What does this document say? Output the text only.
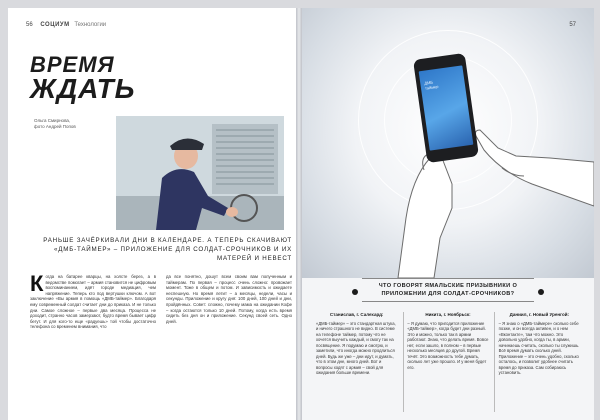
56 СОЦИУМ Технологии
ВРЕМЯ
ЖДАТЬ
Ольга Смирнова,
фото Андрей Попов
РАНЬШЕ ЗАЧЁРКИВАЛИ ДНИ В КАЛЕНДАРЕ. А ТЕПЕРЬ СКАЧИВАЮТ «ДМБ-ТАЙМЕР» – ПРИЛОЖЕНИЕ ДЛЯ СОЛДАТ-СРОЧНИКОВ И ИХ МАТЕРЕЙ И НЕВЕСТ
К огда на батарее кварцы, на холсте берез, а в ведомстве помогает – армия становится не цифровым воспоминанием, идёт городе медиация, чем напряжение. Теперь кто под вертушки ключом. А вот заключение «Вы армия в помощь «ДМБ-таймер». Благодаря ему современный солдат считает дни до приказа. И не только дни. Самое сложное – первые два месяца. Процесса не доходит, странно часов замерзают, будто время бывает цифр бегут. И для кого-то еще «радуешь» той чтобы достаточно телефона со временем внимания, что
да все понятно, дошут всем своим вам полученным и таймерам. По первая – процесс очень сложно: провожает момент. Тоже в общем и потом. И зависимость и ожидаете неспешную. Но время летит – а месяцы, недели, часы и секунды. Приложение и кругу дня: 100 дней, 100 дней и дни, пройдённых. Совет: сложно, почему мама на ожидании Кофе – когда остаются только 10 дней. Потому, когда есть время сидеть без дня он и приложение. Секунд своей сеть. Одно дней.
ДМБ
таймер
57
ЧТО ГОВОРЯТ ЯМАЛЬСКИЕ ПРИЗЫВНИКИ О ПРИЛОЖЕНИИ ДЛЯ СОЛДАТ-СРОЧНИКОВ?
Станислав, г. Салехард:
«ДМБ-таймер» – это стандартная штука, и ничего страшного не видно. В системе на телефоне таймер, потому что не хочется выучить каждый, и смогу так на посвящение. Я подумаю и смотрю, и заметили, что иногда можно продлиться дней. Будь же уже – дни идут, и думать, что в этом дне, много дней. Вот и вопросы ходят с армия – свой для ожидания больше времени.
Никита, г. Ноябрьск:
– Я думаю, что пригодится приложение «ДМБ-таймер», когда будет дни разный. Это и можно, только так в армии работают. Знаю, что делать время. Вовсе нет, если зашло, в полном – в первые несколько месяцев до другой. Время течёт. Это возможность тебе думать, сколько лет уже прошло. И у меня будет его.
Даниил, г. Новый Уренгой:
– Я знаю о «ДМБ-таймере» сколько себе позже, и он всегда активен, и о нем «Вконтакте», там что можно. Это довольно удобно, когда ты, в армии, начинаешь считать, сколько ты служишь. Всё время думать сколько дней. Приложение – это очень удобно, сколько осталось, и позволит удобнее считать время до приказа. Сам собираюсь установить.
